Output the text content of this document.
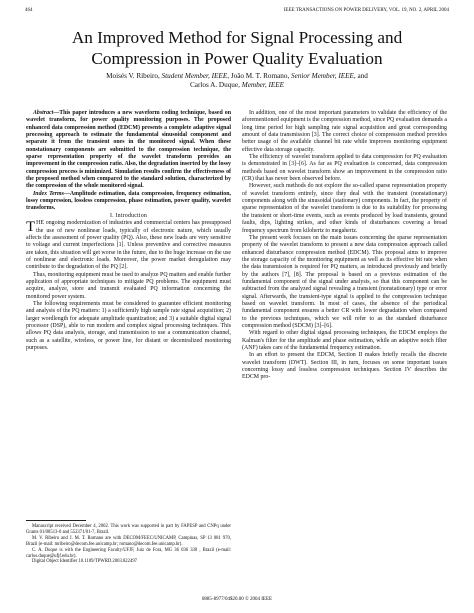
464	IEEE TRANSACTIONS ON POWER DELIVERY, VOL. 19, NO. 2, APRIL 2004
An Improved Method for Signal Processing and
Compression in Power Quality Evaluation
Moisés V. Ribeiro, Student Member, IEEE, João M. T. Romano, Senior Member, IEEE, and
Carlos A. Duque, Member, IEEE

Abstract—This paper introduces a new waveform coding technique, based on wavelet transform, for power quality monitoring purposes. The proposed enhanced data compression method (EDCM) presents a complete adaptive signal processing approach to estimate the fundamental sinusoidal component and separate it from the transient ones in the monitored signal. When these nonstationary components are submitted to the compression technique, the sparse representation property of the wavelet transform provides an improvement in the compression ratio. Also, the degradation inserted by the lossy compression process is minimized. Simulation results confirm the effectiveness of the proposed method when compared to the standard solution, characterized by the compression of the whole monitored signal.

Index Terms—Amplitude estimation, data compression, frequency estimation, lossy compression, lossless compression, phase estimation, power quality, wavelet transforms.

I. Introduction

THE ongoing modernization of industries and commercial centers has presupposed the use of new nonlinear loads, typically of electronic nature, which usually affects the assessment of power quality (PQ). Also, these new loads are very sensitive to voltage and current imperfections [1]. Unless preventive and corrective measures are taken, this situation will get worse in the future, due to the huge increase on the use of nonlinear and electronic loads. Moreover, the power market deregulation may contribute to the degradation of the PQ [2].

Thus, monitoring equipment must be used to analyze PQ matters and enable further application of appropriate techniques to mitigate PQ problems. The equipment must acquire, analyze, store and transmit evaluated PQ information concerning the monitored power system.

The following requirements must be considered to guarantee efficient monitoring and analysis of the PQ matters: 1) a sufficiently high sample rate signal acquisition; 2) larger wordlength for adequate amplitude quantization; and 3) a suitable digital signal processor (DSP), able to run modern and complex signal processing techniques. This allows PQ data analysis, storage, and transmission to use a communication channel, such as a satellite, wireless, or power line, for distant or decentralized monitoring purposes.

Manuscript received December 4, 2002. This work was supported in part by FAPESP and CNPq under Grants 01/08513-0 and 552371/01-7, Brazil.

M. V. Ribeiro and J. M. T. Romano are with DECOM/FEEC/UNICAMP, Campinas, SP 13 081 970, Brazil (e-mail: mribeiro@decom.fee.unicamp.br; romano@decom.fee.unicamp.br).

C. A. Duque is with the Engineering Faculty/UFJF, Juiz de Fora, MG 36 036 330 , Brazil (e-mail: carlos.duque@ufjf.edu.br).

Digital Object Identifier 10.1109/TPWRD.2003.822497

In addition, one of the most important parameters to validate the efficiency of the aforementioned equipment is the compression method, since PQ evaluation demands a long time period for high sampling rate signal acquisition and great corresponding amount of data transmission [3]. The correct choice of compression method provides better usage of the available channel bit rate while improves monitoring equipment effective data storage capacity.

The efficiency of wavelet transform applied to data compression for PQ evaluation is demonstrated in [3]–[6]. As far as PQ evaluation is concerned, data compression methods based on wavelet transform show an improvement in the compression ratio (CR) that has never been observed before.

However, such methods do not explore the so-called sparse representation property of wavelet transform entirely, since they deal with the transient (nonstationary) components along with the sinusoidal (stationary) components. In fact, the property of sparse representation of the wavelet transform is due to its suitability for processing the transient or short-time events, such as events produced by load transients, ground faults, dips, lighting strikes, and other kinds of disturbances covering a broad frequency spectrum from kilohertz to megahertz.

The present work focuses on the main issues concerning the sparse representation property of the wavelet transform to present a new data compression approach called enhanced disturbance compression method (EDCM). This proposal aims to improve the storage capacity of the monitoring equipment as well as its effective bit rate when the data transmission is required for PQ matters, as introduced previously and briefly by the authors [7], [8]. The proposal is based on a previous estimation of the fundamental component of the signal under analysis, so that this component can be subtracted from the analyzed signal revealing a transient (nonstationary) type or error signal. Afterwards, the transient-type signal is applied to the compression technique based on wavelet transform. In most of cases, the absence of the periodical fundamental component ensures a better CR with lower degradation when compared to the previous techniques, which we will refer to as the standard disturbance compression method (SDCM) [3]–[6].

With regard to other digital signal processing techniques, the EDCM employs the Kalman's filter for the amplitude and phase estimation, while an adaptive notch filter (ANF) takes care of the fundamental frequency estimation.

In an effort to present the EDCM, Section II makes briefly recalls the discrete wavelet transform (DWT). Section III, in turn, focuses on some important issues concerning lossy and lossless compression techniques. Section IV describes the EDCM pro-

0885-8977/04$20.00 © 2004 IEEE
